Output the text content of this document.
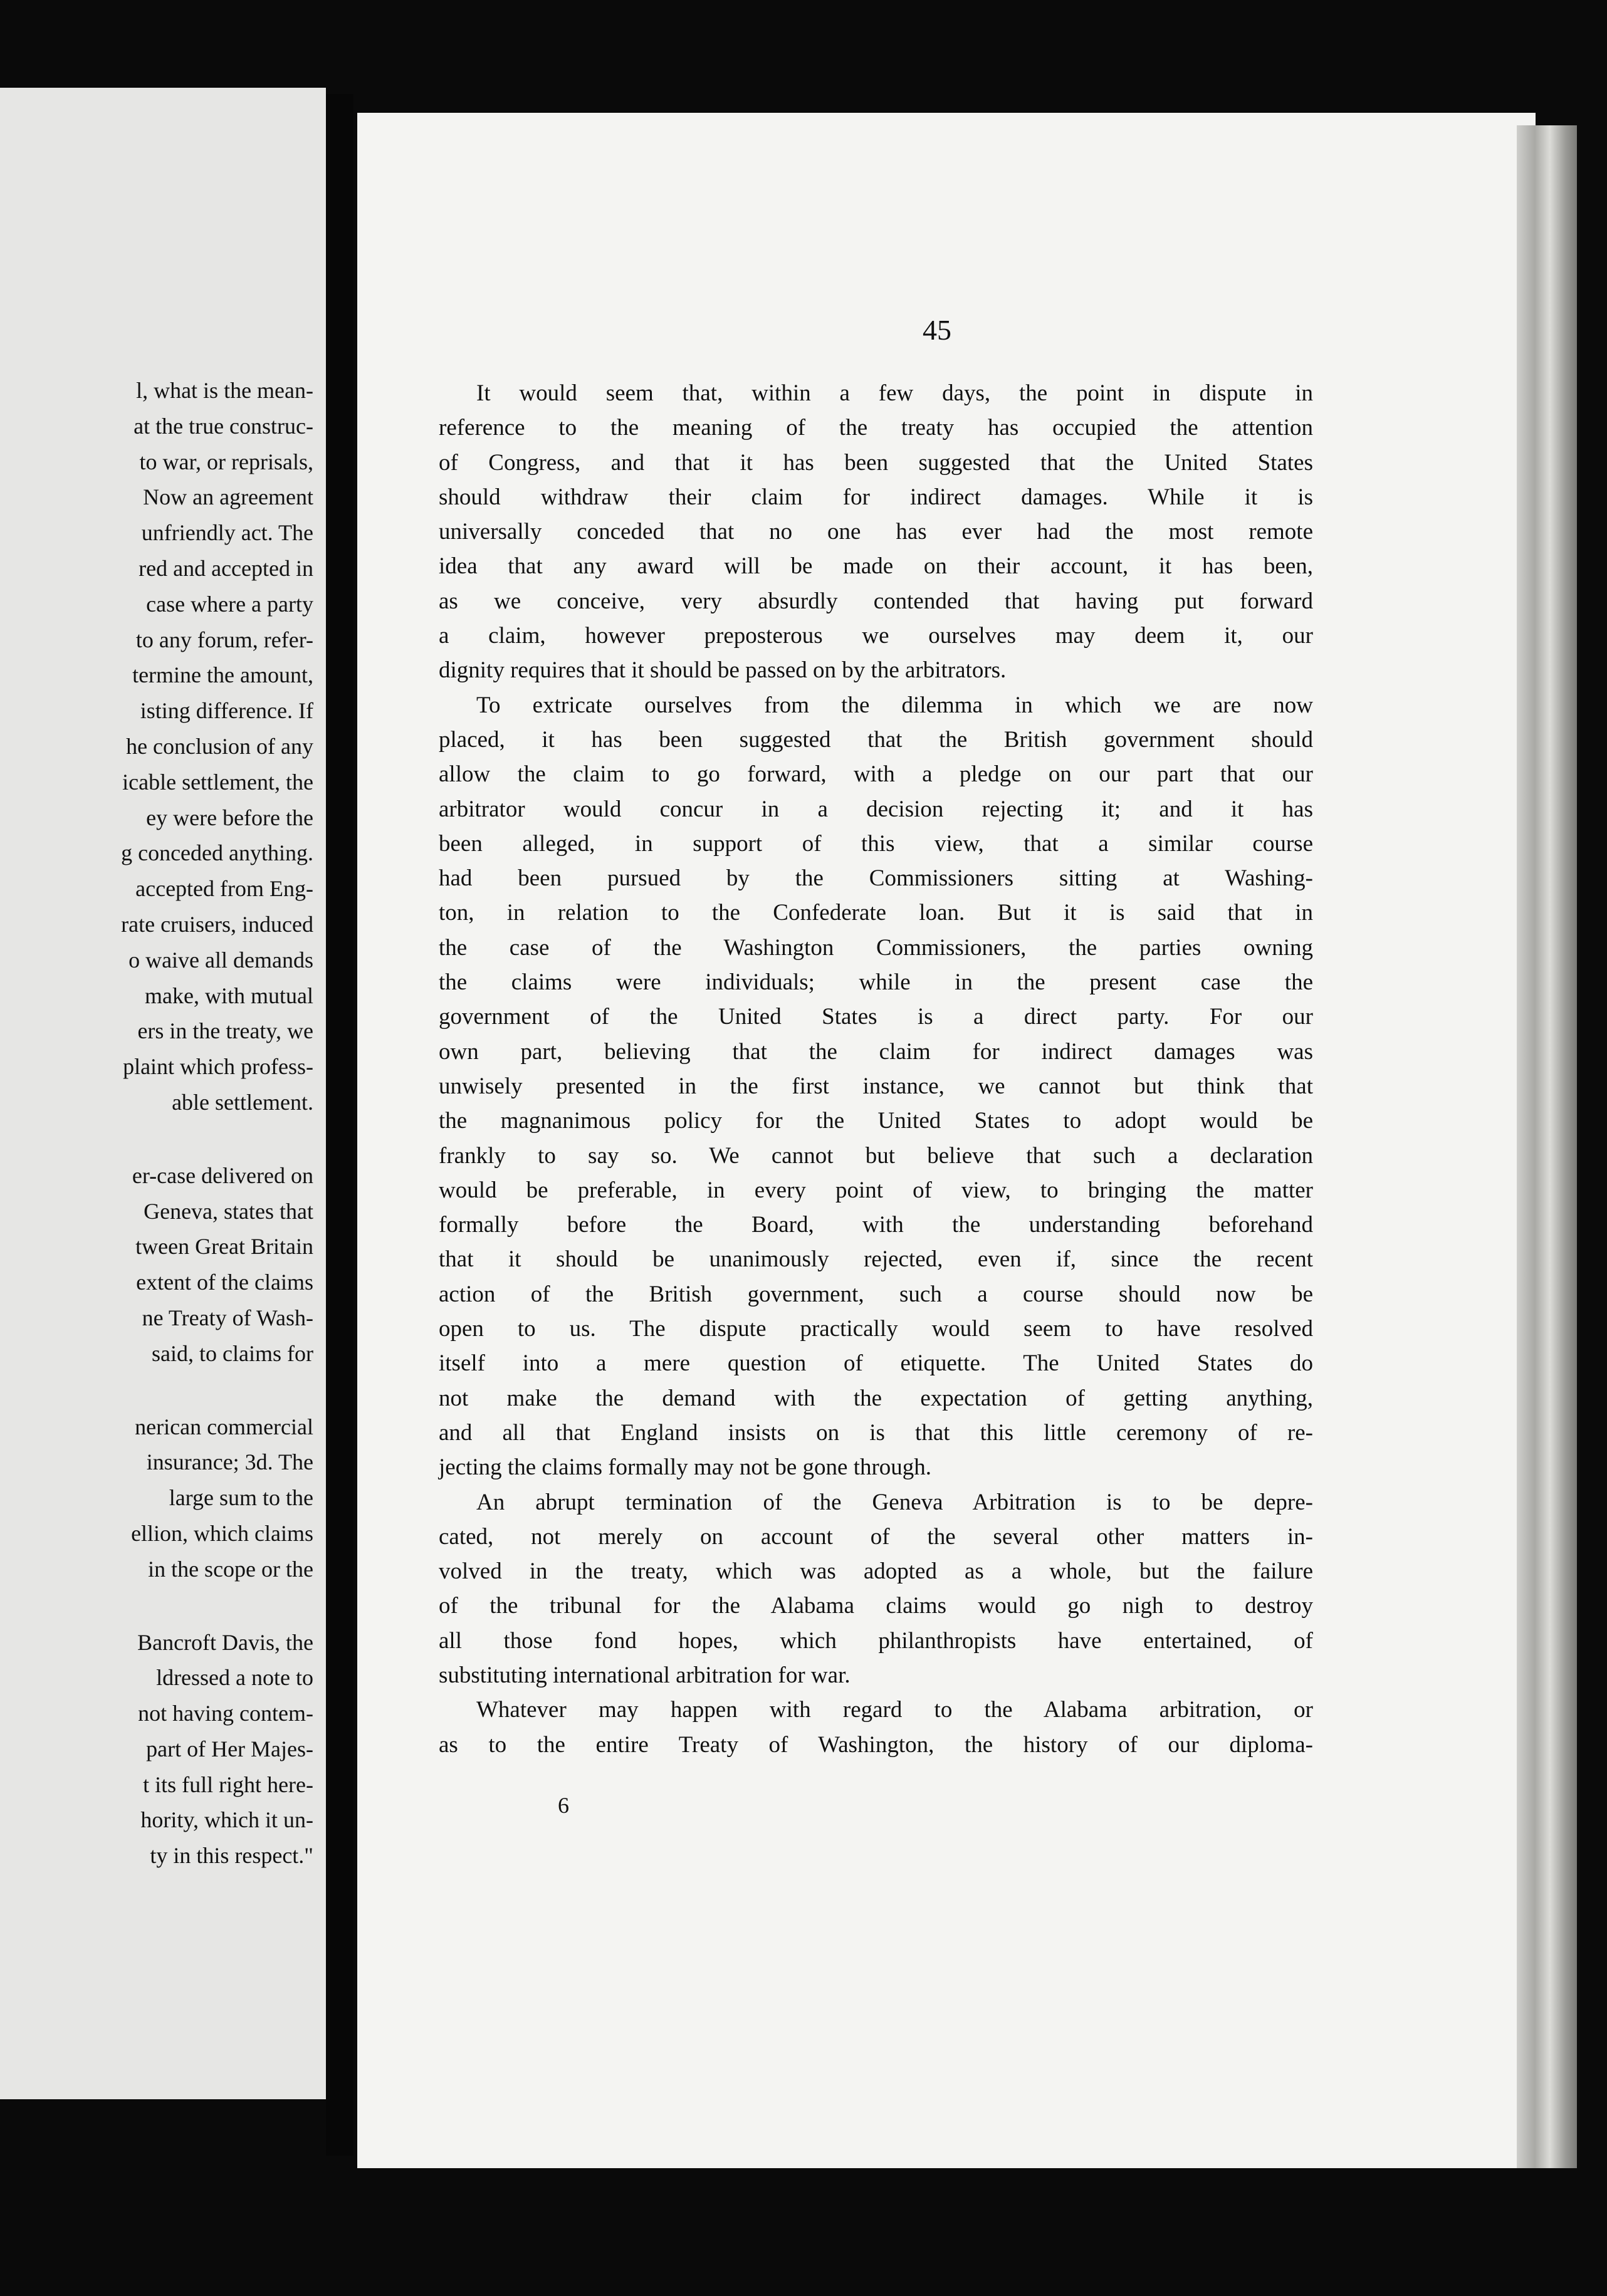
l, what is the mean-
at the true construc-
to war, or reprisals,
Now an agreement
unfriendly act. The
red and accepted in
case where a party
to any forum, refer-
termine the amount,
isting difference. If
he conclusion of any
icable settlement, the
ey were before the
g conceded anything.
accepted from Eng-
rate cruisers, induced
o waive all demands
make, with mutual
ers in the treaty, we
plaint which profess-
able settlement.
er-case delivered on
Geneva, states that
tween Great Britain
extent of the claims
ne Treaty of Wash-
said, to claims for
nerican commercial
insurance; 3d. The
large sum to the
ellion, which claims
in the scope or the
Bancroft Davis, the
ldressed a note to
not having contem-
part of Her Majes-
t its full right here-
hority, which it un-
ty in this respect."
45

It would seem that, within a few days, the point in dispute in
reference to the meaning of the treaty has occupied the attention
of Congress, and that it has been suggested that the United States
should withdraw their claim for indirect damages. While it is
universally conceded that no one has ever had the most remote
idea that any award will be made on their account, it has been,
as we conceive, very absurdly contended that having put forward
a claim, however preposterous we ourselves may deem it, our
dignity requires that it should be passed on by the arbitrators.

To extricate ourselves from the dilemma in which we are now
placed, it has been suggested that the British government should
allow the claim to go forward, with a pledge on our part that our
arbitrator would concur in a decision rejecting it; and it has
been alleged, in support of this view, that a similar course
had been pursued by the Commissioners sitting at Washing-
ton, in relation to the Confederate loan. But it is said that in
the case of the Washington Commissioners, the parties owning
the claims were individuals; while in the present case the
government of the United States is a direct party. For our
own part, believing that the claim for indirect damages was
unwisely presented in the first instance, we cannot but think that
the magnanimous policy for the United States to adopt would be
frankly to say so. We cannot but believe that such a declaration
would be preferable, in every point of view, to bringing the matter
formally before the Board, with the understanding beforehand
that it should be unanimously rejected, even if, since the recent
action of the British government, such a course should now be
open to us. The dispute practically would seem to have resolved
itself into a mere question of etiquette. The United States do
not make the demand with the expectation of getting anything,
and all that England insists on is that this little ceremony of re-
jecting the claims formally may not be gone through.

An abrupt termination of the Geneva Arbitration is to be depre-
cated, not merely on account of the several other matters in-
volved in the treaty, which was adopted as a whole, but the failure
of the tribunal for the Alabama claims would go nigh to destroy
all those fond hopes, which philanthropists have entertained, of
substituting international arbitration for war.

Whatever may happen with regard to the Alabama arbitration, or
as to the entire Treaty of Washington, the history of our diploma-

6
